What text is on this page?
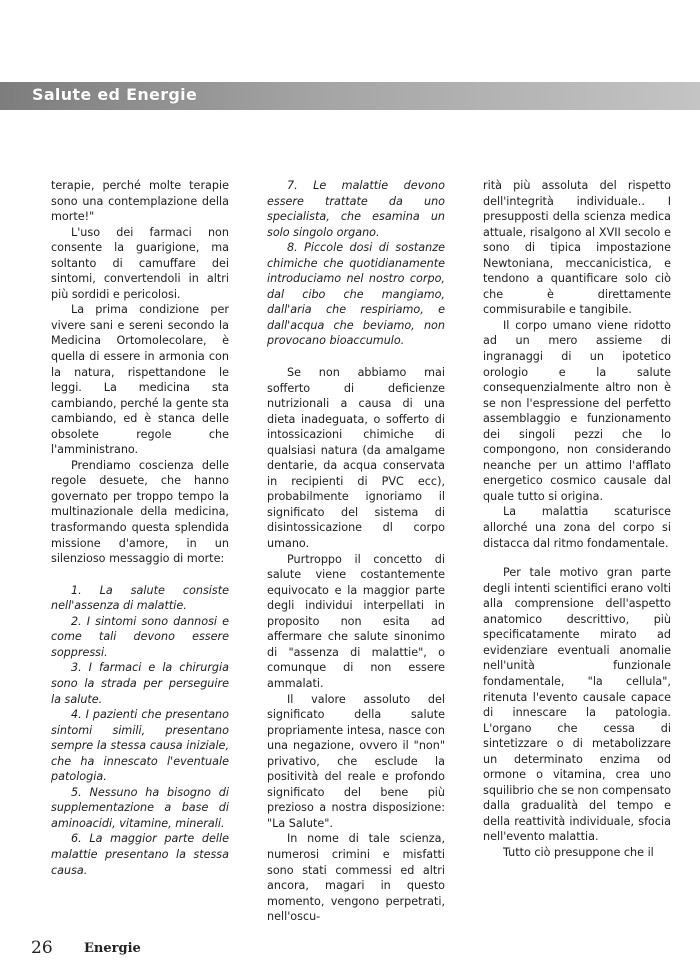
Salute ed Energie

terapie, perché molte terapie sono una contemplazione della morte!"

L'uso dei farmaci non consente la guarigione, ma soltanto di camuffare dei sintomi, convertendoli in altri più sordidi e pericolosi.

La prima condizione per vivere sani e sereni secondo la Medicina Ortomolecolare, è quella di essere in armonia con la natura, rispettandone le leggi. La medicina sta cambiando, perché la gente sta cambiando, ed è stanca delle obsolete regole che l'amministrano.

Prendiamo coscienza delle regole desuete, che hanno governato per troppo tempo la multinazionale della medicina, trasformando questa splendida missione d'amore, in un silenzioso messaggio di morte:

1. La salute consiste nell'assenza di malattie.

2. I sintomi sono dannosi e come tali devono essere soppressi.

3. I farmaci e la chirurgia sono la strada per perseguire la salute.

4. I pazienti che presentano sintomi simili, presentano sempre la stessa causa iniziale, che ha innescato l'eventuale patologia.

5. Nessuno ha bisogno di supplementazione a base di aminoacidi, vitamine, minerali.

6. La maggior parte delle malattie presentano la stessa causa.

7. Le malattie devono essere trattate da uno specialista, che esamina un solo singolo organo.

8. Piccole dosi di sostanze chimiche che quotidianamente introduciamo nel nostro corpo, dal cibo che mangiamo, dall'aria che respiriamo, e dall'acqua che beviamo, non provocano bioaccumulo.

Se non abbiamo mai sofferto di deficienze nutrizionali a causa di una dieta inadeguata, o sofferto di intossicazioni chimiche di qualsiasi natura (da amalgame dentarie, da acqua conservata in recipienti di PVC ecc), probabilmente ignoriamo il significato del sistema di disintossicazione dl corpo umano.

Purtroppo il concetto di salute viene costantemente equivocato e la maggior parte degli individui interpellati in proposito non esita ad affermare che salute sinonimo di "assenza di malattie", o comunque di non essere ammalati.

Il valore assoluto del significato della salute propriamente intesa, nasce con una negazione, ovvero il "non" privativo, che esclude la positività del reale e profondo significato del bene più prezioso a nostra disposizione: "La Salute".

In nome di tale scienza, numerosi crimini e misfatti sono stati commessi ed altri ancora, magari in questo momento, vengono perpetrati, nell'oscu-

rità più assoluta del rispetto dell'integrità individuale.. I presupposti della scienza medica attuale, risalgono al XVII secolo e sono di tipica impostazione Newtoniana, meccanicistica, e tendono a quantificare solo ciò che è direttamente commisurabile e tangibile.

Il corpo umano viene ridotto ad un mero assieme di ingranaggi di un ipotetico orologio e la salute consequenzialmente altro non è se non l'espressione del perfetto assemblaggio e funzionamento dei singoli pezzi che lo compongono, non considerando neanche per un attimo l'afflato energetico cosmico causale dal quale tutto si origina.

La malattia scaturisce allorché una zona del corpo si distacca dal ritmo fondamentale.

Per tale motivo gran parte degli intenti scientifici erano volti alla comprensione dell'aspetto anatomico descrittivo, più specificatamente mirato ad evidenziare eventuali anomalie nell'unità funzionale fondamentale, "la cellula", ritenuta l'evento causale capace di innescare la patologia. L'organo che cessa di sintetizzare o di metabolizzare un determinato enzima od ormone o vitamina, crea uno squilibrio che se non compensato dalla gradualità del tempo e della reattività individuale, sfocia nell'evento malattia.

Tutto ciò presuppone che il

26 Energie
